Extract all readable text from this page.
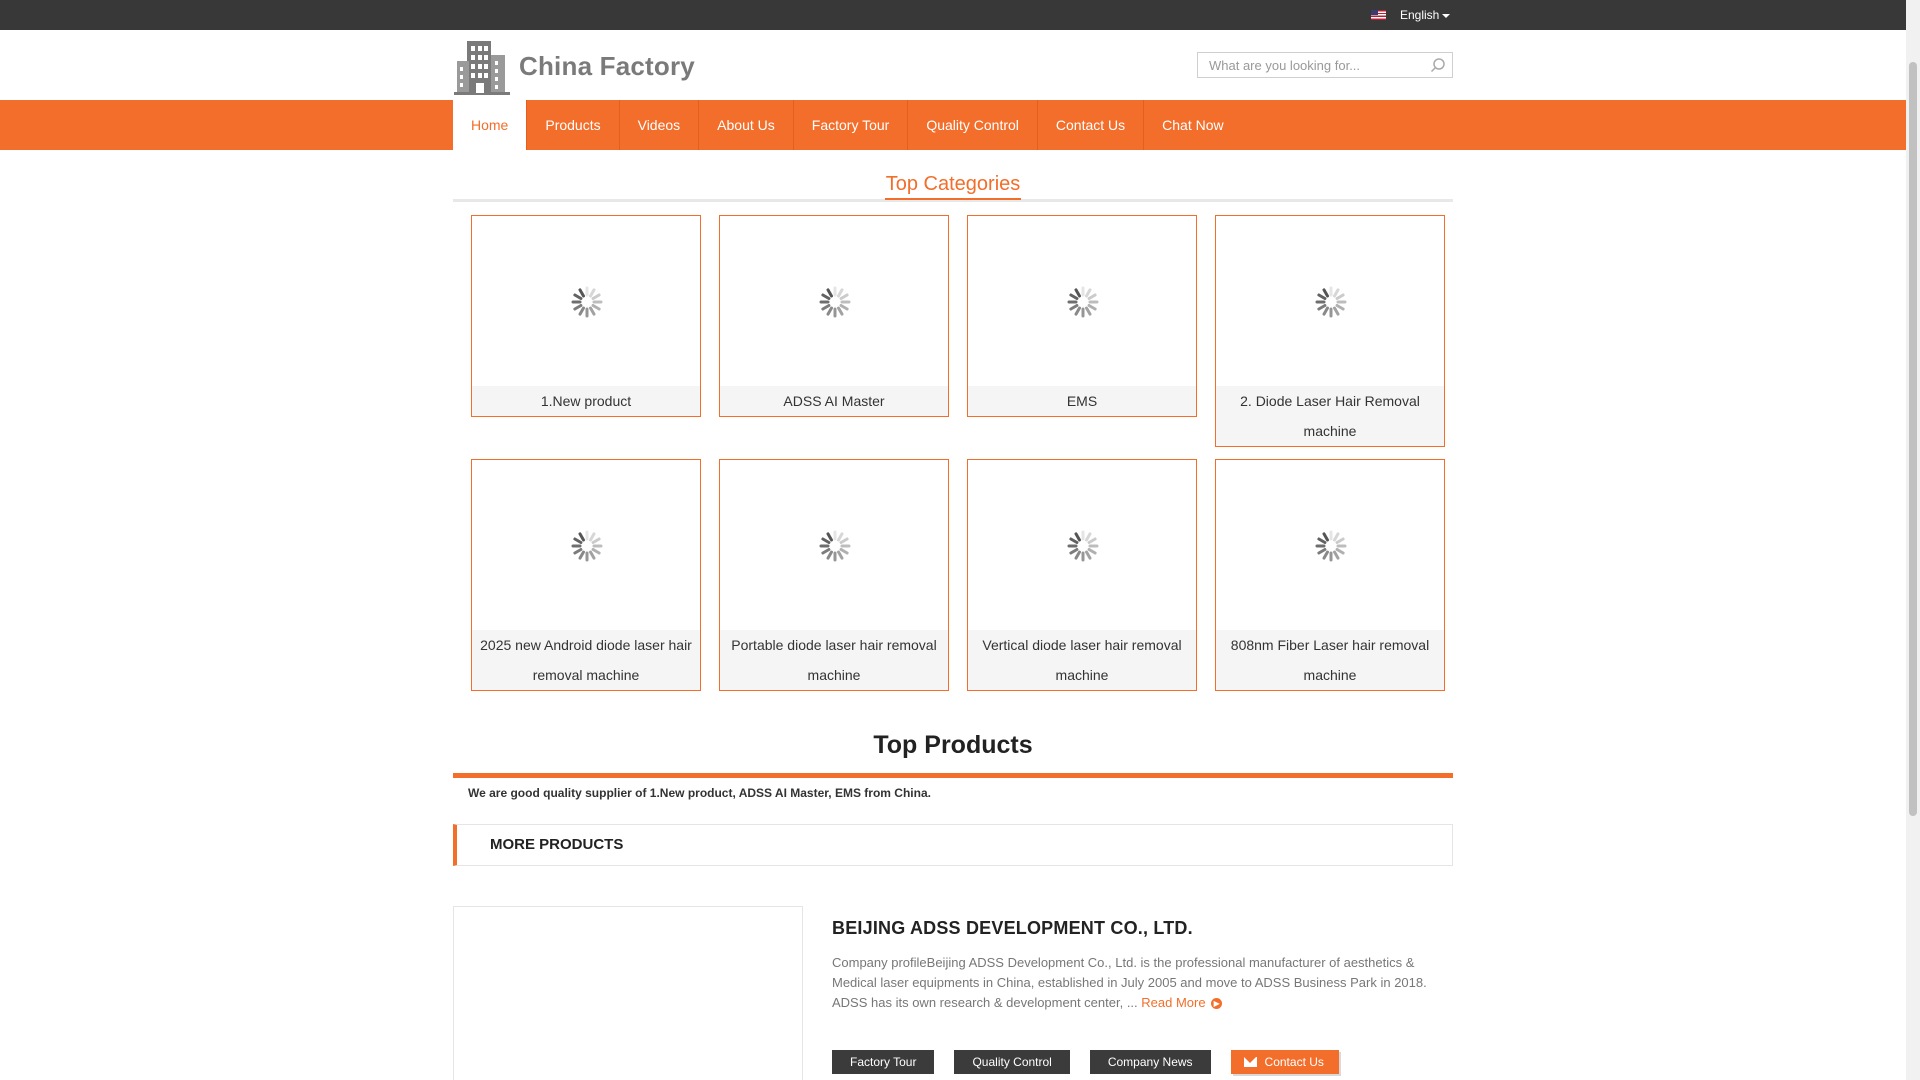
English
China Factory
What are you looking for...
Home	Products	Videos	About Us	Factory Tour	Quality Control	Contact Us	Chat Now
Top Categories
1.New product	ADSS AI Master	EMS	2. Diode Laser Hair Removal machine
2025 new Android diode laser hair removal machine
Portable diode laser hair removal machine
Vertical diode laser hair removal machine
808nm Fiber Laser hair removal machine
Top Products
We are good quality supplier of 1.New product, ADSS AI Master, EMS from China.
MORE PRODUCTS
BEIJING ADSS DEVELOPMENT CO., LTD.

Company profileBeijing ADSS Development Co., Ltd. is the professional manufacturer of aesthetics & Medical laser equipments in China, established in July 2005 and move to ADSS Business Park in 2018. ADSS has its own research & development center, ... Read More ▶

Factory Tour	Quality Control	Company News	Contact Us
